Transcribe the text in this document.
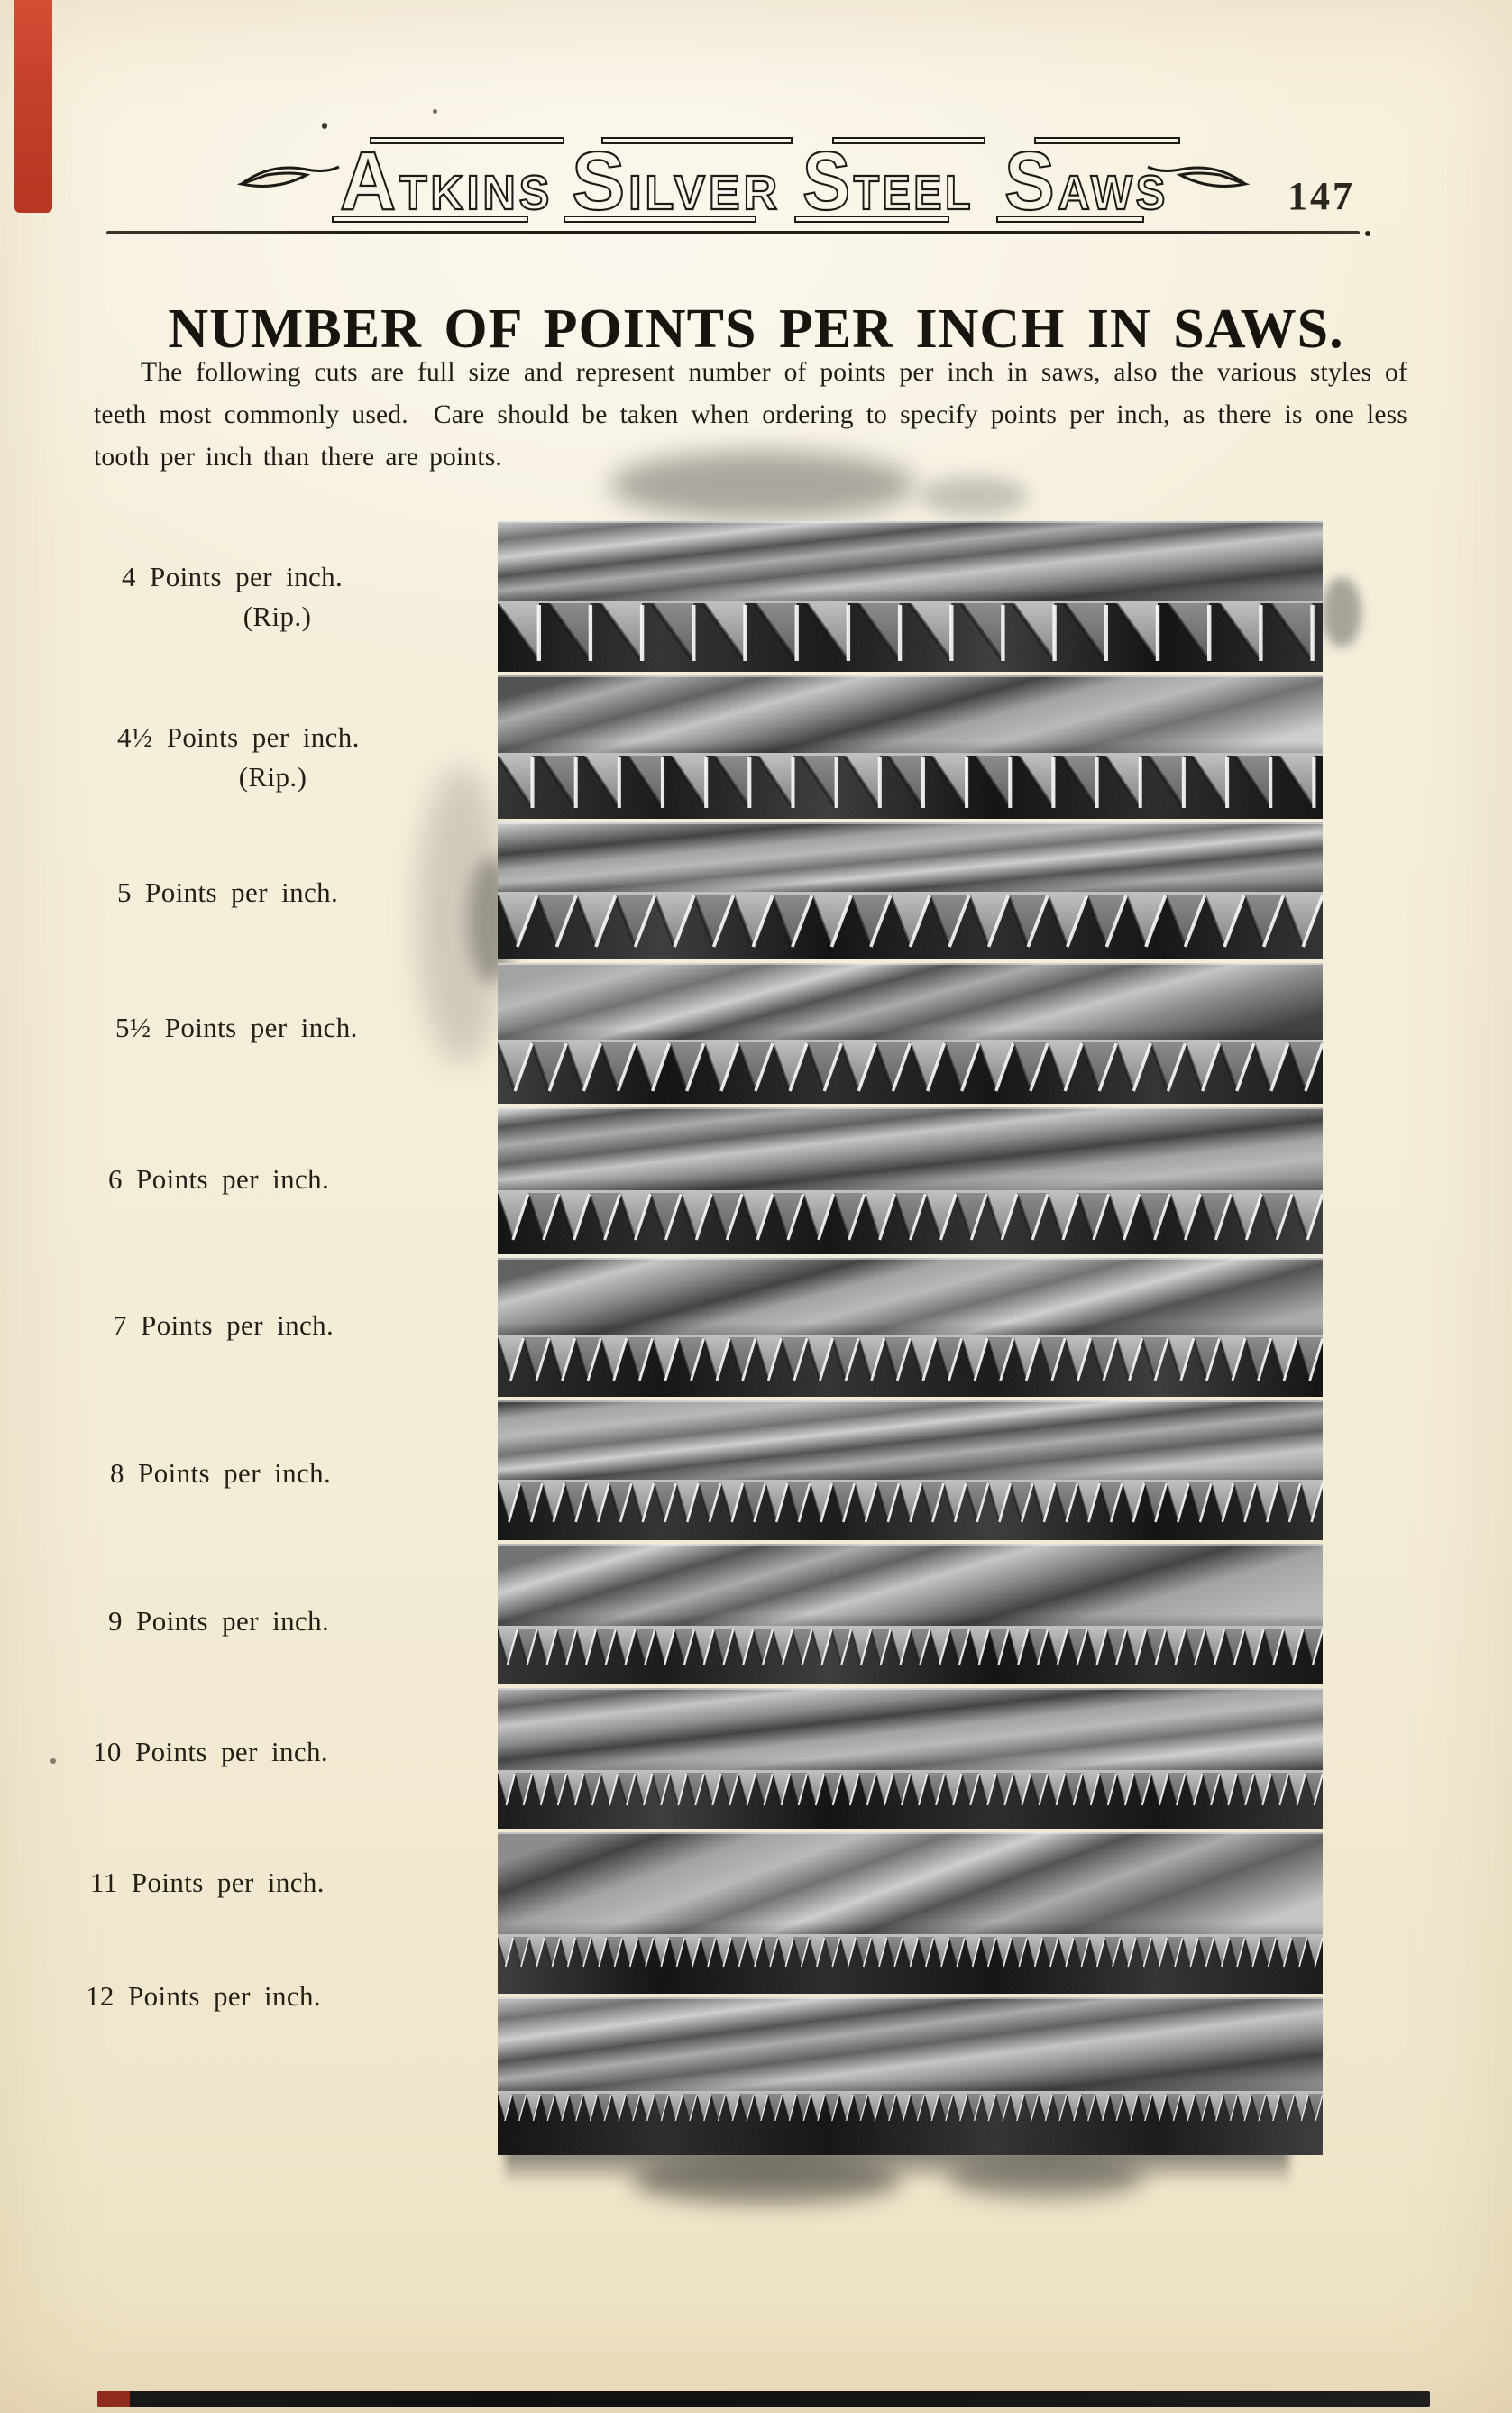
ATKINS SILVER STEEL SAWS	147
NUMBER OF POINTS PER INCH IN SAWS.

The following cuts are full size and represent number of points per inch in saws, also the various styles of teeth most commonly used.  Care should be taken when ordering to specify points per inch, as there is one less tooth per inch than there are points.

4 Points per inch.
(Rip.)
4½ Points per inch.
(Rip.)
5 Points per inch.
5½ Points per inch.
6 Points per inch.
7 Points per inch.
8 Points per inch.
9 Points per inch.
10 Points per inch.
11 Points per inch.
12 Points per inch.
